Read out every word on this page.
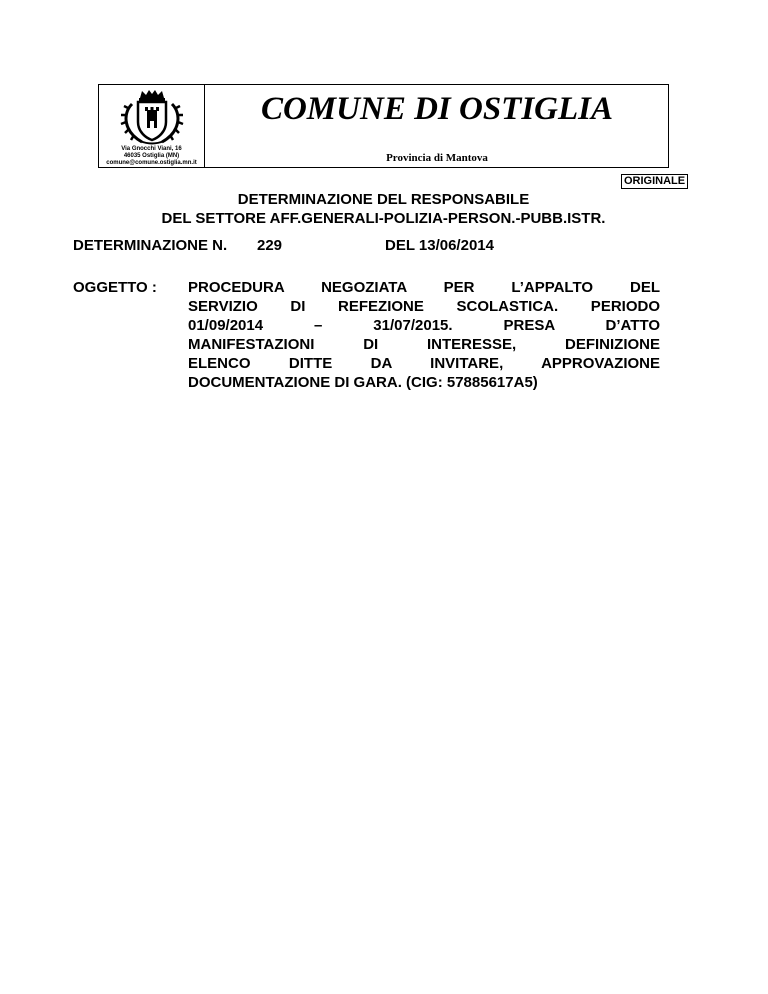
Via Gnocchi Viani, 16
46035 Ostiglia (MN)
comune@comune.ostiglia.mn.it
COMUNE DI OSTIGLIA
Provincia di Mantova
ORIGINALE
DETERMINAZIONE DEL RESPONSABILE
DEL SETTORE AFF.GENERALI-POLIZIA-PERSON.-PUBB.ISTR.
DETERMINAZIONE N. 229	DEL 13/06/2014
OGGETTO : PROCEDURA NEGOZIATA PER L’APPALTO DEL
SERVIZIO DI REFEZIONE SCOLASTICA. PERIODO
01/09/2014 – 31/07/2015. PRESA D’ATTO
MANIFESTAZIONI DI INTERESSE, DEFINIZIONE
ELENCO DITTE DA INVITARE, APPROVAZIONE
DOCUMENTAZIONE DI GARA. (CIG: 57885617A5)
